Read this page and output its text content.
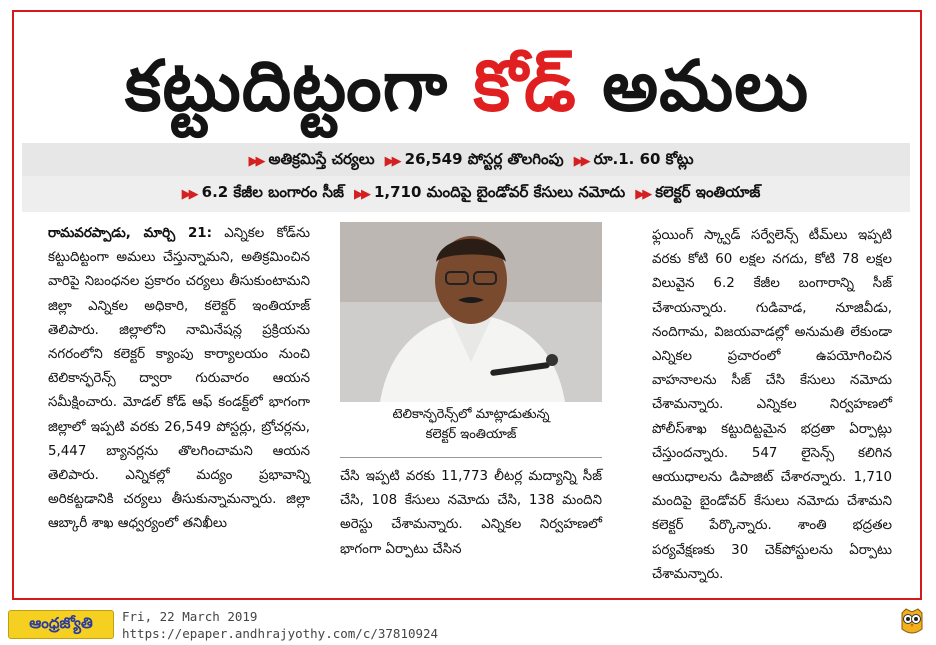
కట్టుదిట్టంగా కోడ్ అమలు
▶▶ అతిక్రమిస్తే చర్యలు ▶▶ 26,549 పోస్టర్ల తొలగింపు ▶▶ రూ.1. 60 కోట్లు
▶▶ 6.2 కేజీల బంగారం సీజ్ ▶▶ 1,710 మందిపై బైండోవర్ కేసులు నమోదు ▶▶ కలెక్టర్ ఇంతియాజ్

రామవరప్పాడు, మార్చి 21: ఎన్నికల కోడ్‌ను కట్టుదిట్టంగా అమలు చేస్తున్నామని, అతిక్రమించిన వారిపై నిబంధనల ప్రకారం చర్యలు తీసుకుంటామని జిల్లా ఎన్నికల అధికారి, కలెక్టర్ ఇంతియాజ్ తెలిపారు. జిల్లాలోని నామినేషన్ల ప్రక్రియను నగరంలోని కలెక్టర్ క్యాంపు కార్యాలయం నుంచి టెలికాన్ఫరెన్స్ ద్వారా గురువారం ఆయన సమీక్షించారు. మోడల్ కోడ్ ఆఫ్ కండక్ట్‌లో భాగంగా జిల్లాలో ఇప్పటి వరకు 26,549 పోస్టర్లు, బ్రోచర్లను, 5,447 బ్యానర్లను తొలగించామని ఆయన తెలిపారు. ఎన్నికల్లో మద్యం ప్రభావాన్ని అరికట్టడానికి చర్యలు తీసుకున్నామన్నారు. జిల్లా ఆబ్కారీ శాఖ ఆధ్వర్యంలో తనిఖీలు

టెలికాన్ఫరెన్స్‌లో మాట్లాడుతున్న
కలెక్టర్ ఇంతియాజ్

చేసి ఇప్పటి వరకు 11,773 లీటర్ల మద్యాన్ని సీజ్ చేసి, 108 కేసులు నమోదు చేసి, 138 మందిని అరెస్టు చేశామన్నారు. ఎన్నికల నిర్వహణలో భాగంగా ఏర్పాటు చేసిన

ఫ్లయింగ్ స్క్వాడ్ సర్వేలెన్స్ టీమ్‌లు ఇప్పటి వరకు కోటి 60 లక్షల నగదు, కోటి 78 లక్షల విలువైన 6.2 కేజీల బంగారాన్ని సీజ్ చేశాయన్నారు. గుడివాడ, నూజివీడు, నందిగామ, విజయవాడల్లో అనుమతి లేకుండా ఎన్నికల ప్రచారంలో ఉపయోగించిన వాహనాలను సీజ్ చేసి కేసులు నమోదు చేశామన్నారు. ఎన్నికల నిర్వహణలో పోలీస్‌శాఖ కట్టుదిట్టమైన భద్రతా ఏర్పాట్లు చేస్తుందన్నారు. 547 లైసెన్స్ కలిగిన ఆయుధాలను డిపాజిట్ చేశారన్నారు. 1,710 మందిపై బైండోవర్ కేసులు నమోదు చేశామని కలెక్టర్ పేర్కొన్నారు. శాంతి భద్రతల పర్యవేక్షణకు 30 చెక్‌పోస్టులను ఏర్పాటు చేశామన్నారు.

ఆంధ్రజ్యోతి	Fri, 22 March 2019
https://epaper.andhrajyothy.com/c/37810924
